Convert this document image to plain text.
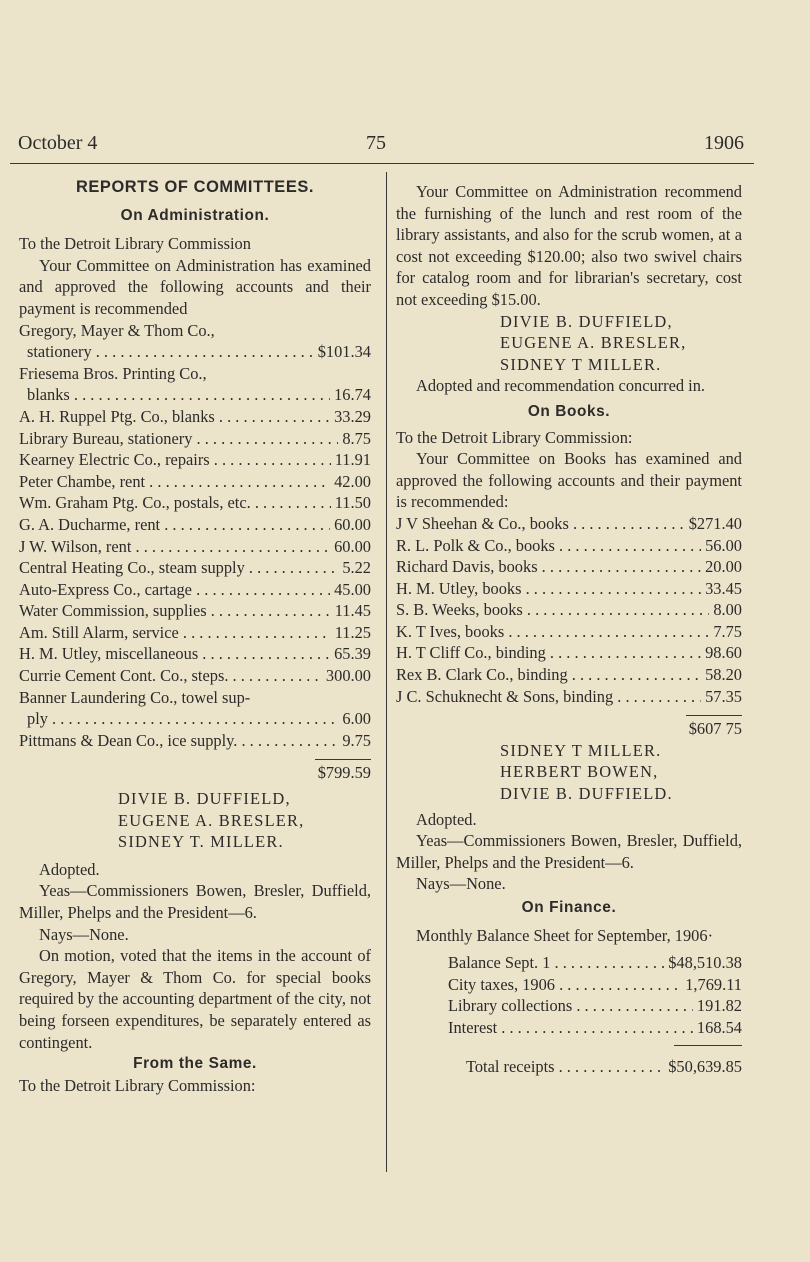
October 4	75	1906
REPORTS OF COMMITTEES.
On Administration.

To the Detroit Library Commission

Your Committee on Administration has examined and approved the following accounts and their payment is recommended

Gregory, Mayer & Thom Co.,
stationery . . .	$101.34
Friesema Bros. Printing Co.,
blanks . . .	16.74
A. H. Ruppel Ptg. Co., blanks . . .	33.29
Library Bureau, stationery . . .	8.75
Kearney Electric Co., repairs . . .	11.91
Peter Chambe, rent . . .	42.00
Wm. Graham Ptg. Co., postals, etc. . . .	11.50
G. A. Ducharme, rent . . .	60.00
J W. Wilson, rent . . .	60.00
Central Heating Co., steam supply . . .	5.22
Auto-Express Co., cartage . . .	45.00
Water Commission, supplies . . .	11.45
Am. Still Alarm, service . . .	11.25
H. M. Utley, miscellaneous . . .	65.39
Currie Cement Cont. Co., steps. . . .	300.00
Banner Laundering Co., towel sup-
ply . . .	6.00
Pittmans & Dean Co., ice supply. . . .	9.75
$799.59
DIVIE B. DUFFIELD,
EUGENE A. BRESLER,
SIDNEY T. MILLER.

Adopted.

Yeas—Commissioners Bowen, Bresler, Duffield, Miller, Phelps and the President—6.

Nays—None.

On motion, voted that the items in the account of Gregory, Mayer & Thom Co. for special books required by the accounting department of the city, not being forseen expenditures, be separately entered as contingent.

From the Same.

To the Detroit Library Commission:

Your Committee on Administration recommend the furnishing of the lunch and rest room of the library assistants, and also for the scrub women, at a cost not exceeding $120.00; also two swivel chairs for catalog room and for librarian's secretary, cost not exceeding $15.00.

DIVIE B. DUFFIELD,
EUGENE A. BRESLER,
SIDNEY T MILLER.

Adopted and recommendation concurred in.

On Books.

To the Detroit Library Commission:

Your Committee on Books has examined and approved the following accounts and their payment is recommended:

J V Sheehan & Co., books . . .	$271.40
R. L. Polk & Co., books . . .	56.00
Richard Davis, books . . .	20.00
H. M. Utley, books . . .	33.45
S. B. Weeks, books . . .	8.00
K. T Ives, books . . .	7.75
H. T Cliff Co., binding . . .	98.60
Rex B. Clark Co., binding . . .	58.20
J C. Schuknecht & Sons, binding . . .	57.35
$607 75
SIDNEY T MILLER.
HERBERT BOWEN,
DIVIE B. DUFFIELD.

Adopted.

Yeas—Commissioners Bowen, Bresler, Duffield, Miller, Phelps and the President—6.

Nays—None.

On Finance.

Monthly Balance Sheet for September, 1906·

Balance Sept. 1 . . .	$48,510.38
City taxes, 1906 . . .	1,769.11
Library collections . . .	191.82
Interest . . .	168.54
Total receipts . . .	$50,639.85
